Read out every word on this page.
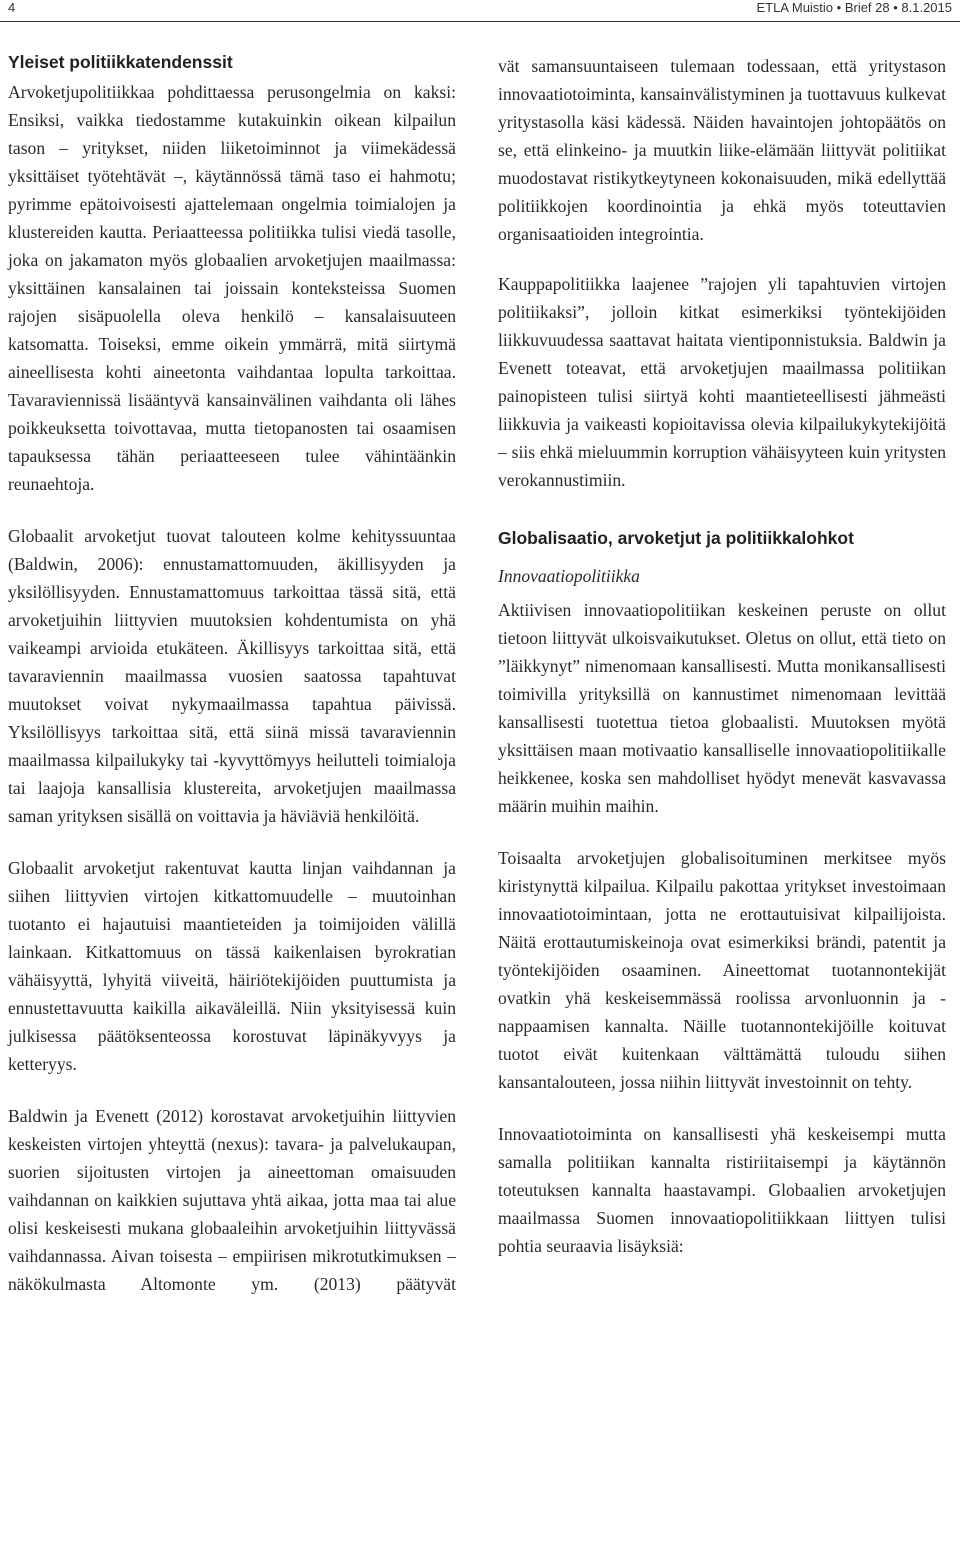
4	ETLA Muistio • Brief 28 • 8.1.2015
Yleiset politiikkatendenssit

Arvoketjupolitiikkaa pohdittaessa perusongelmia on kaksi: Ensiksi, vaikka tiedostamme kutakuinkin oikean kilpailun tason – yritykset, niiden liiketoiminnot ja viimekädessä yksittäiset työtehtävät –, käytännössä tämä taso ei hahmotu; pyrimme epätoivoisesti ajattelemaan ongelmia toimialojen ja klustereiden kautta. Periaatteessa politiikka tulisi viedä tasolle, joka on jakamaton myös globaalien arvoketjujen maailmassa: yksittäinen kansalainen tai joissain konteksteissa Suomen rajojen sisäpuolella oleva henkilö – kansalaisuuteen katsomatta. Toiseksi, emme oikein ymmärrä, mitä siirtymä aineellisesta kohti aineetonta vaihdantaa lopulta tarkoittaa. Tavaraviennissä lisääntyvä kansainvälinen vaihdanta oli lähes poikkeuksetta toivottavaa, mutta tietopanosten tai osaamisen tapauksessa tähän periaatteeseen tulee vähintäänkin reunaehtoja.

Globaalit arvoketjut tuovat talouteen kolme kehityssuuntaa (Baldwin, 2006): ennustamattomuuden, äkillisyyden ja yksilöllisyyden. Ennustamattomuus tarkoittaa tässä sitä, että arvoketjuihin liittyvien muutoksien kohdentumista on yhä vaikeampi arvioida etukäteen. Äkillisyys tarkoittaa sitä, että tavaraviennin maailmassa vuosien saatossa tapahtuvat muutokset voivat nykymaailmassa tapahtua päivissä. Yksilöllisyys tarkoittaa sitä, että siinä missä tavaraviennin maailmassa kilpailukyky tai -kyvyttömyys heilutteli toimialoja tai laajoja kansallisia klustereita, arvoketjujen maailmassa saman yrityksen sisällä on voittavia ja häviäviä henkilöitä.

Globaalit arvoketjut rakentuvat kautta linjan vaihdannan ja siihen liittyvien virtojen kitkattomuudelle – muutoinhan tuotanto ei hajautuisi maantieteiden ja toimijoiden välillä lainkaan. Kitkattomuus on tässä kaikenlaisen byrokratian vähäisyyttä, lyhyitä viiveitä, häiriötekijöiden puuttumista ja ennustettavuutta kaikilla aikaväleillä. Niin yksityisessä kuin julkisessa päätöksenteossa korostuvat läpinäkyvyys ja ketteryys.

Baldwin ja Evenett (2012) korostavat arvoketjuihin liittyvien keskeisten virtojen yhteyttä (nexus): tavara- ja palvelukaupan, suorien sijoitusten virtojen ja aineettoman omaisuuden vaihdannan on kaikkien sujuttava yhtä aikaa, jotta maa tai alue olisi keskeisesti mukana globaaleihin arvoketjuihin liittyvässä vaihdannassa. Aivan toisesta – empiirisen mikrotutkimuksen – näkökulmasta Altomonte ym. (2013) päätyvät

vät samansuuntaiseen tulemaan todessaan, että yritystason innovaatiotoiminta, kansainvälistyminen ja tuottavuus kulkevat yritystasolla käsi kädessä. Näiden havaintojen johtopäätös on se, että elinkeino- ja muutkin liike-elämään liittyvät politiikat muodostavat ristikytkeytyneen kokonaisuuden, mikä edellyttää politiikkojen koordinointia ja ehkä myös toteuttavien organisaatioiden integrointia.

Kauppapolitiikka laajenee ”rajojen yli tapahtuvien virtojen politiikaksi”, jolloin kitkat esimerkiksi työntekijöiden liikkuvuudessa saattavat haitata vientiponnistuksia. Baldwin ja Evenett toteavat, että arvoketjujen maailmassa politiikan painopisteen tulisi siirtyä kohti maantieteellisesti jähmeästi liikkuvia ja vaikeasti kopioitavissa olevia kilpailukykytekijöitä – siis ehkä mieluummin korruption vähäisyyteen kuin yritysten verokannustimiin.

Globalisaatio, arvoketjut ja politiikkalohkot
Innovaatiopolitiikka

Aktiivisen innovaatiopolitiikan keskeinen peruste on ollut tietoon liittyvät ulkoisvaikutukset. Oletus on ollut, että tieto on ”läikkynyt” nimenomaan kansallisesti. Mutta monikansallisesti toimivilla yrityksillä on kannustimet nimenomaan levittää kansallisesti tuotettua tietoa globaalisti. Muutoksen myötä yksittäisen maan motivaatio kansalliselle innovaatiopolitiikalle heikkenee, koska sen mahdolliset hyödyt menevät kasvavassa määrin muihin maihin.

Toisaalta arvoketjujen globalisoituminen merkitsee myös kiristynyttä kilpailua. Kilpailu pakottaa yritykset investoimaan innovaatiotoimintaan, jotta ne erottautuisivat kilpailijoista. Näitä erottautumiskeinoja ovat esimerkiksi brändi, patentit ja työntekijöiden osaaminen. Aineettomat tuotannontekijät ovatkin yhä keskeisemmässä roolissa arvonluonnin ja -nappaamisen kannalta. Näille tuotannontekijöille koituvat tuotot eivät kuitenkaan välttämättä tuloudu siihen kansantalouteen, jossa niihin liittyvät investoinnit on tehty.

Innovaatiotoiminta on kansallisesti yhä keskeisempi mutta samalla politiikan kannalta ristiriitaisempi ja käytännön toteutuksen kannalta haastavampi. Globaalien arvoketjujen maailmassa Suomen innovaatiopolitiikkaan liittyen tulisi pohtia seuraavia lisäyksiä:
